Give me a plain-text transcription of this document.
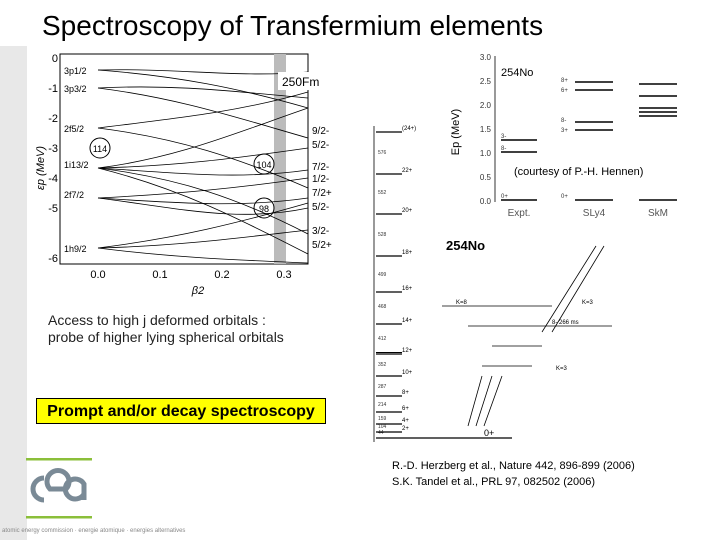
Spectroscopy of Transfermium elements
114
104
98
250Fm
3p1/2
3p3/2
2f5/2
1i13/2
2f7/2
1h9/2
9/2-
5/2-
7/2-
1/2-
7/2+
5/2-
3/2-
5/2+
0
-1
-2
-3
-4
-5
-6
0.0	0.1	0.2	0.3
β2
εp (MeV)
Access to high j deformed orbitals :
probe of higher lying spherical orbitals
Prompt and/or decay spectroscopy
3.0
2.5
2.0
1.5
1.0
0.5
0.0
Ep (MeV)
254No
8+
6+
8-
3+
3-
8-
0+	0+
Expt.	SLy4	SkM
(courtesy of P.-H. Hennen)
(24+)
22+
20+
18+
16+
14+
12+
10+
8+
6+
4+
2+
576
552
528
499
468
412
352
287
214
159
104
44
254No
K=8	K=3
K=3
8- 266 ms
0+
R.-D. Herzberg et al., Nature 442, 896-899 (2006)
S.K. Tandel et al., PRL 97, 082502 (2006)
atomic energy commission · energie atomique · energies alternatives
